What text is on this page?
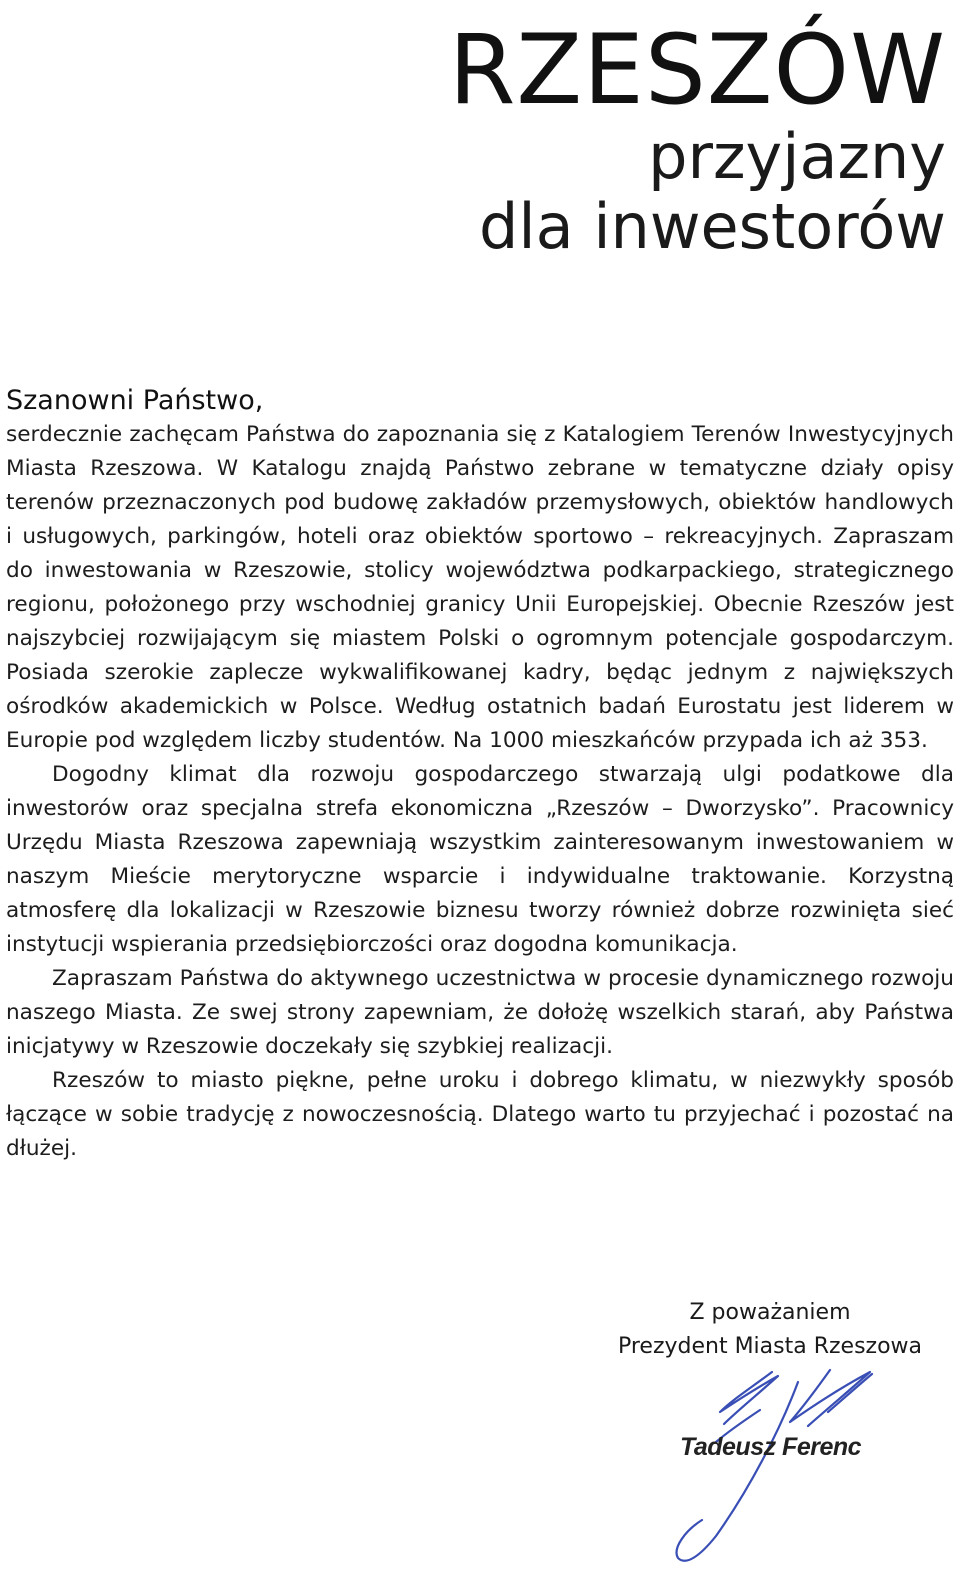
RZESZÓW
przyjazny
dla inwestorów
Szanowni Państwo,

serdecznie zachęcam Państwa do zapoznania się z Katalogiem Terenów Inwestycyjnych Miasta Rzeszowa. W Katalogu znajdą Państwo zebrane w tematyczne działy opisy terenów przeznaczonych pod budowę zakładów przemysłowych, obiektów handlowych i usługowych, parkingów, hoteli oraz obiektów sportowo – rekreacyjnych. Zapraszam do inwestowania w Rzeszowie, stolicy województwa podkarpackiego, strategicznego regionu, położonego przy wschodniej granicy Unii Europejskiej. Obecnie Rzeszów jest najszybciej rozwijającym się miastem Polski o ogromnym potencjale gospodarczym. Posiada szerokie zaplecze wykwalifikowanej kadry, będąc jednym z największych ośrodków akademickich w Polsce. Według ostatnich badań Eurostatu jest liderem w Europie pod względem liczby studentów. Na 1000 mieszkańców przypada ich aż 353.

Dogodny klimat dla rozwoju gospodarczego stwarzają ulgi podatkowe dla inwestorów oraz specjalna strefa ekonomiczna „Rzeszów – Dworzysko”. Pracownicy Urzędu Miasta Rzeszowa zapewniają wszystkim zainteresowanym inwestowaniem w naszym Mieście merytoryczne wsparcie i indywidualne traktowanie. Korzystną atmosferę dla lokalizacji w Rzeszowie biznesu tworzy również dobrze rozwinięta sieć instytucji wspierania przedsiębiorczości oraz dogodna komunikacja.

Zapraszam Państwa do aktywnego uczestnictwa w procesie dynamicznego rozwoju naszego Miasta. Ze swej strony zapewniam, że dołożę wszelkich starań, aby Państwa inicjatywy w Rzeszowie doczekały się szybkiej realizacji.

Rzeszów to miasto piękne, pełne uroku i dobrego klimatu, w niezwykły sposób łączące w sobie tradycję z nowoczesnością. Dlatego warto tu przyjechać i pozostać na dłużej.

Z poważaniem
Prezydent Miasta Rzeszowa
Tadeusz Ferenc
